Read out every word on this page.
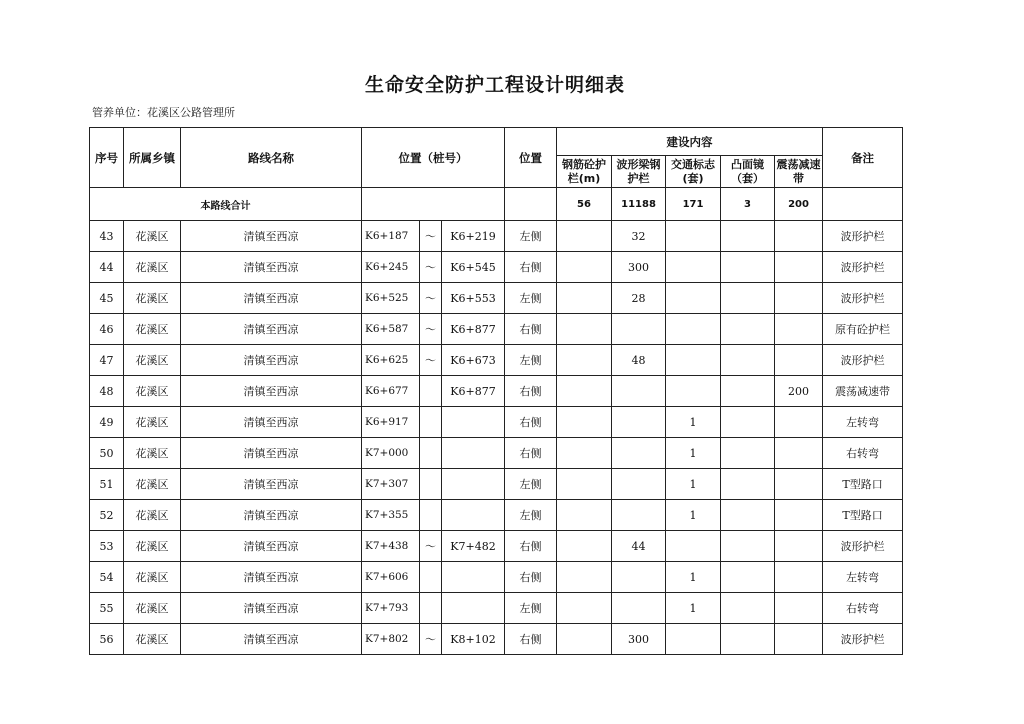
生命安全防护工程设计明细表
管养单位：花溪区公路管理所
序号	所属乡镇	路线名称	位置（桩号）			位置	建设内容					备注
							钢筋砼护栏(m)	波形梁钢护栏	交通标志(套)	凸面镜（套）	震荡减速带	
本路线合计							56	11188	171	3	200	
43	花溪区	清镇至西凉	K6+187	～	K6+219	左侧		32				波形护栏
44	花溪区	清镇至西凉	K6+245	～	K6+545	右侧		300				波形护栏
45	花溪区	清镇至西凉	K6+525	～	K6+553	左侧		28				波形护栏
46	花溪区	清镇至西凉	K6+587	～	K6+877	右侧						原有砼护栏
47	花溪区	清镇至西凉	K6+625	～	K6+673	左侧		48				波形护栏
48	花溪区	清镇至西凉	K6+677		K6+877	右侧					200	震荡减速带
49	花溪区	清镇至西凉	K6+917			右侧			1			左转弯
50	花溪区	清镇至西凉	K7+000			右侧			1			右转弯
51	花溪区	清镇至西凉	K7+307			左侧			1			T型路口
52	花溪区	清镇至西凉	K7+355			左侧			1			T型路口
53	花溪区	清镇至西凉	K7+438	～	K7+482	右侧		44				波形护栏
54	花溪区	清镇至西凉	K7+606			右侧			1			左转弯
55	花溪区	清镇至西凉	K7+793			左侧			1			右转弯
56	花溪区	清镇至西凉	K7+802	～	K8+102	右侧		300				波形护栏
